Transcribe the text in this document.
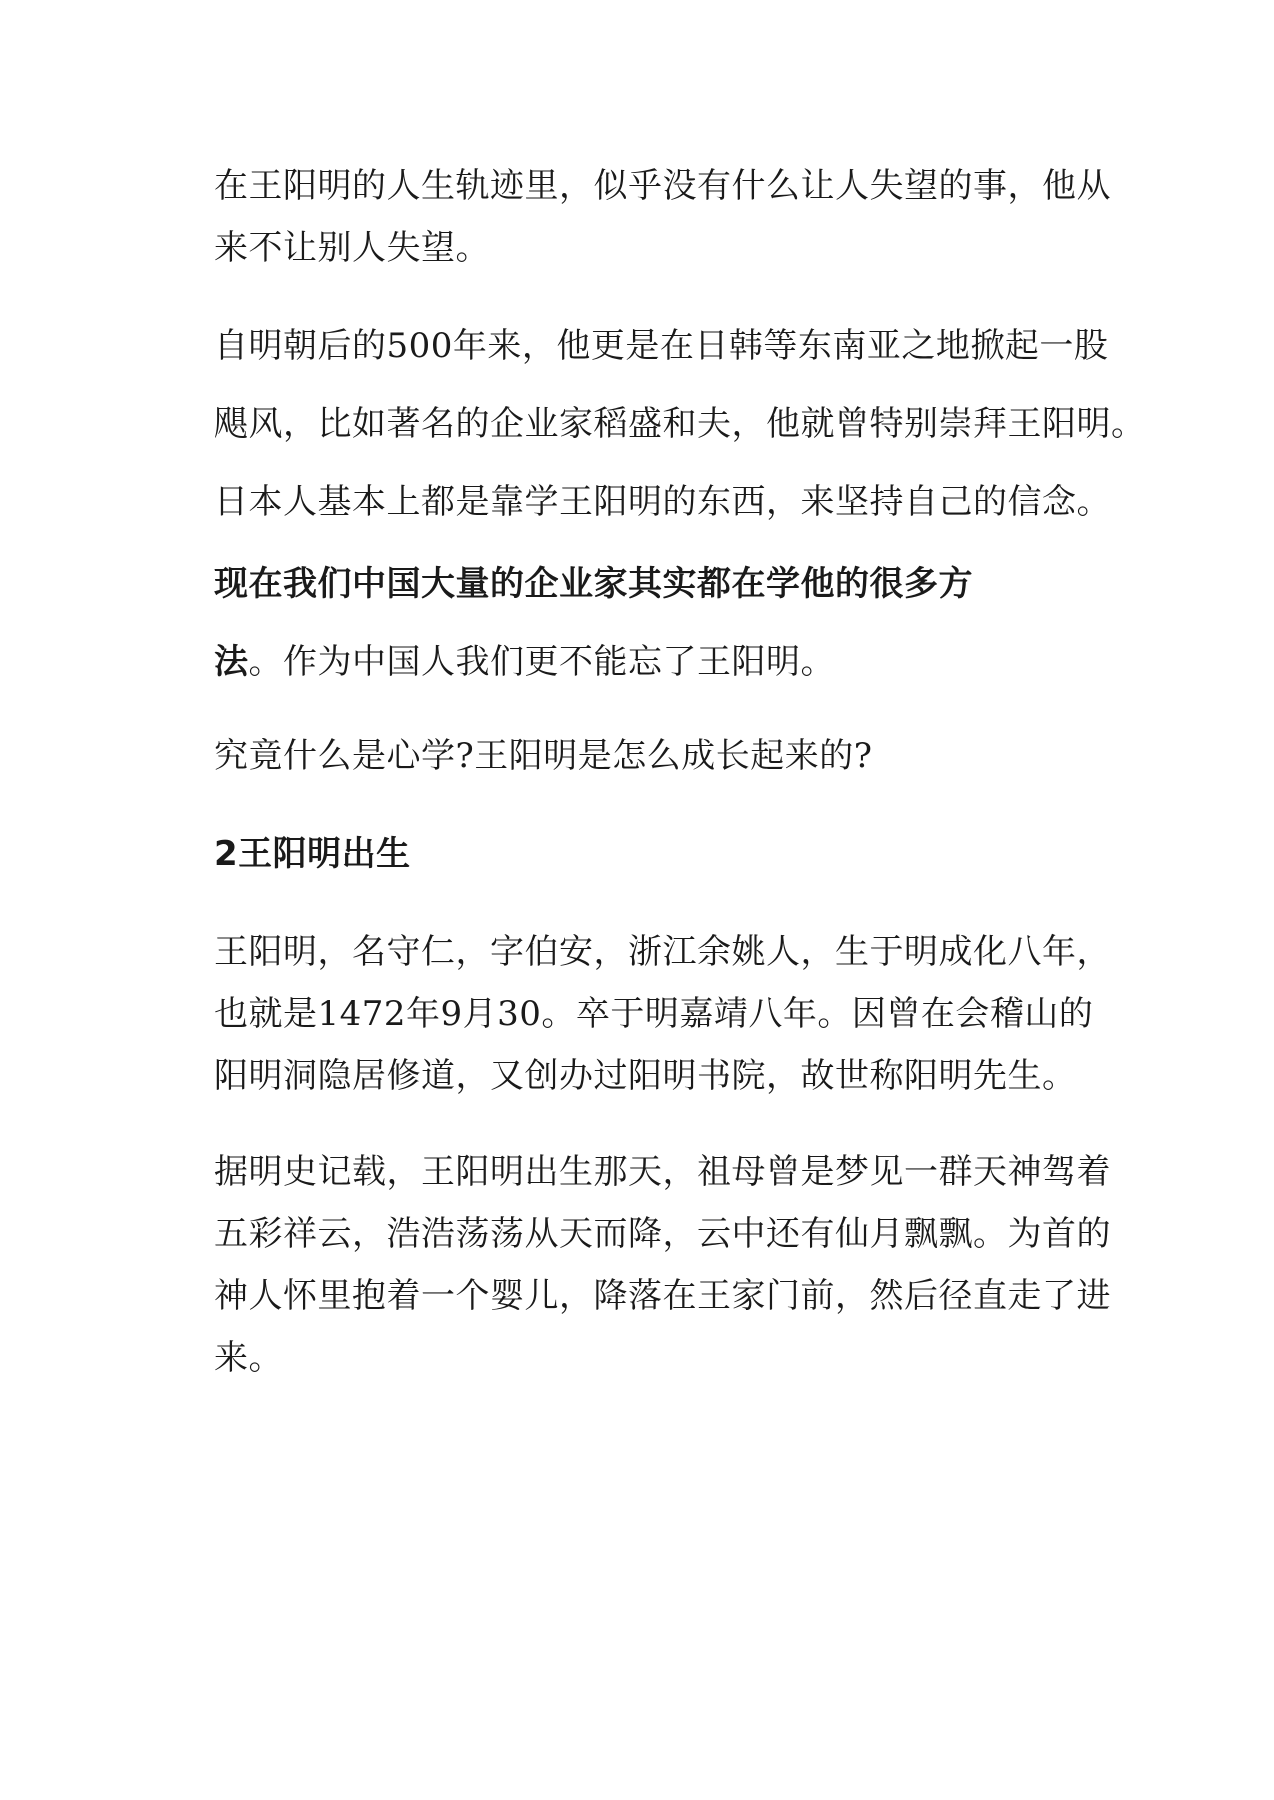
在王阳明的人生轨迹里，似乎没有什么让人失望的事，他从
来不让别人失望。
自明朝后的500年来，他更是在日韩等东南亚之地掀起一股
飓风，比如著名的企业家稻盛和夫，他就曾特别崇拜王阳明。
日本人基本上都是靠学王阳明的东西，来坚持自己的信念。
现在我们中国大量的企业家其实都在学他的很多方
法。作为中国人我们更不能忘了王阳明。
究竟什么是心学?王阳明是怎么成长起来的?
2王阳明出生
王阳明，名守仁，字伯安，浙江余姚人，生于明成化八年，
也就是1472年9月30。卒于明嘉靖八年。因曾在会稽山的
阳明洞隐居修道，又创办过阳明书院，故世称阳明先生。
据明史记载，王阳明出生那天，祖母曾是梦见一群天神驾着
五彩祥云，浩浩荡荡从天而降，云中还有仙月飘飘。为首的
神人怀里抱着一个婴儿，降落在王家门前，然后径直走了进
来。
